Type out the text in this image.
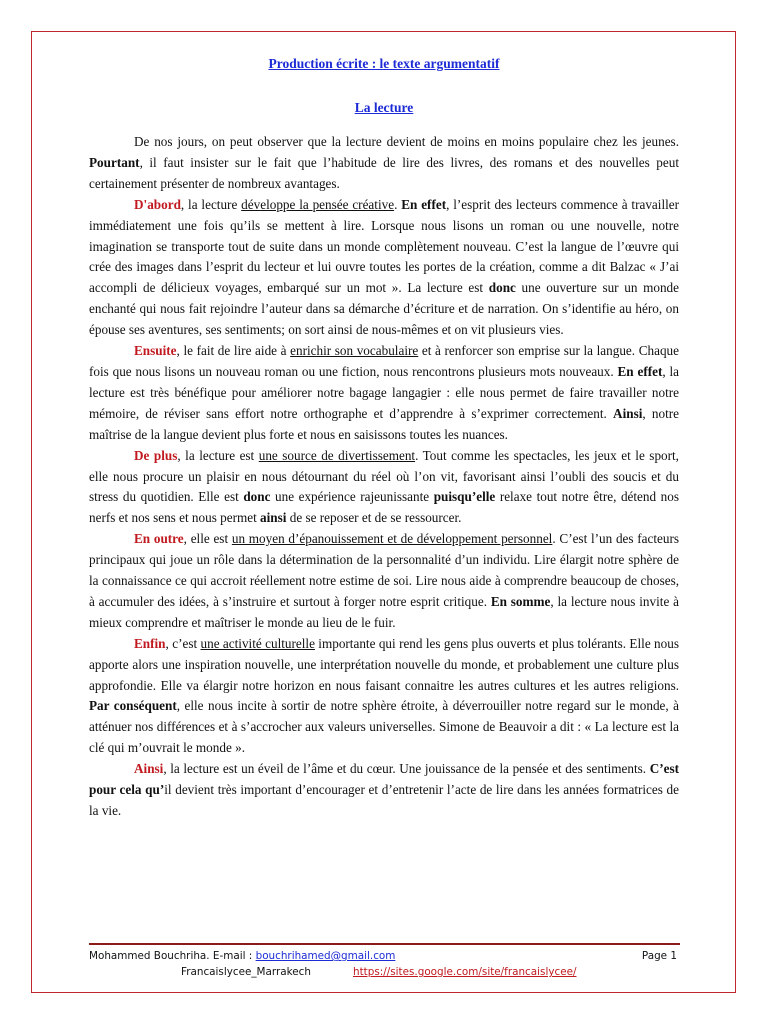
Production écrite : le texte argumentatif

La lecture

De nos jours, on peut observer que la lecture devient de moins en moins populaire chez les jeunes. Pourtant, il faut insister sur le fait que l’habitude de lire des livres, des romans et des nouvelles peut certainement présenter de nombreux avantages.

D'abord, la lecture développe la pensée créative. En effet, l’esprit des lecteurs commence à travailler immédiatement une fois qu’ils se mettent à lire. Lorsque nous lisons un roman ou une nouvelle, notre imagination se transporte tout de suite dans un monde complètement nouveau. C’est la langue de l’œuvre qui crée des images dans l’esprit du lecteur et lui ouvre toutes les portes de la création, comme a dit Balzac « J’ai accompli de délicieux voyages, embarqué sur un mot ». La lecture est donc une ouverture sur un monde enchanté qui nous fait rejoindre l’auteur dans sa démarche d’écriture et de narration. On s’identifie au héro, on épouse ses aventures, ses sentiments; on sort ainsi de nous-mêmes et on vit plusieurs vies.

Ensuite, le fait de lire aide à enrichir son vocabulaire et à renforcer son emprise sur la langue. Chaque fois que nous lisons un nouveau roman ou une fiction, nous rencontrons plusieurs mots nouveaux. En effet, la lecture est très bénéfique pour améliorer notre bagage langagier : elle nous permet de faire travailler notre mémoire, de réviser sans effort notre orthographe et d’apprendre à s’exprimer correctement. Ainsi, notre maîtrise de la langue devient plus forte et nous en saisissons toutes les nuances.

De plus, la lecture est une source de divertissement. Tout comme les spectacles, les jeux et le sport, elle nous procure un plaisir en nous détournant du réel où l’on vit, favorisant ainsi l’oubli des soucis et du stress du quotidien. Elle est donc une expérience rajeunissante puisqu’elle relaxe tout notre être, détend nos nerfs et nos sens et nous permet ainsi de se reposer et de se ressourcer.

En outre, elle est un moyen d’épanouissement et de développement personnel. C’est l’un des facteurs principaux qui joue un rôle dans la détermination de la personnalité d’un individu. Lire élargit notre sphère de la connaissance ce qui accroit réellement notre estime de soi. Lire nous aide à comprendre beaucoup de choses, à accumuler des idées, à s’instruire et surtout à forger notre esprit critique. En somme, la lecture nous invite à mieux comprendre et maîtriser le monde au lieu de le fuir.

Enfin, c’est une activité culturelle importante qui rend les gens plus ouverts et plus tolérants. Elle nous apporte alors une inspiration nouvelle, une interprétation nouvelle du monde, et probablement une culture plus approfondie. Elle va élargir notre horizon en nous faisant connaitre les autres cultures et les autres religions. Par conséquent, elle nous incite à sortir de notre sphère étroite, à déverrouiller notre regard sur le monde, à atténuer nos différences et à s’accrocher aux valeurs universelles. Simone de Beauvoir a dit : « La lecture est la clé qui m’ouvrait le monde ».

Ainsi, la lecture est un éveil de l’âme et du cœur. Une jouissance de la pensée et des sentiments. C’est pour cela qu’il devient très important d’encourager et d’entretenir l’acte de lire dans les années formatrices de la vie.

Mohammed Bouchriha. E-mail : bouchrihamed@gmail.com	Page 1
Francaislycee_Marrakech	https://sites.google.com/site/francaislycee/
